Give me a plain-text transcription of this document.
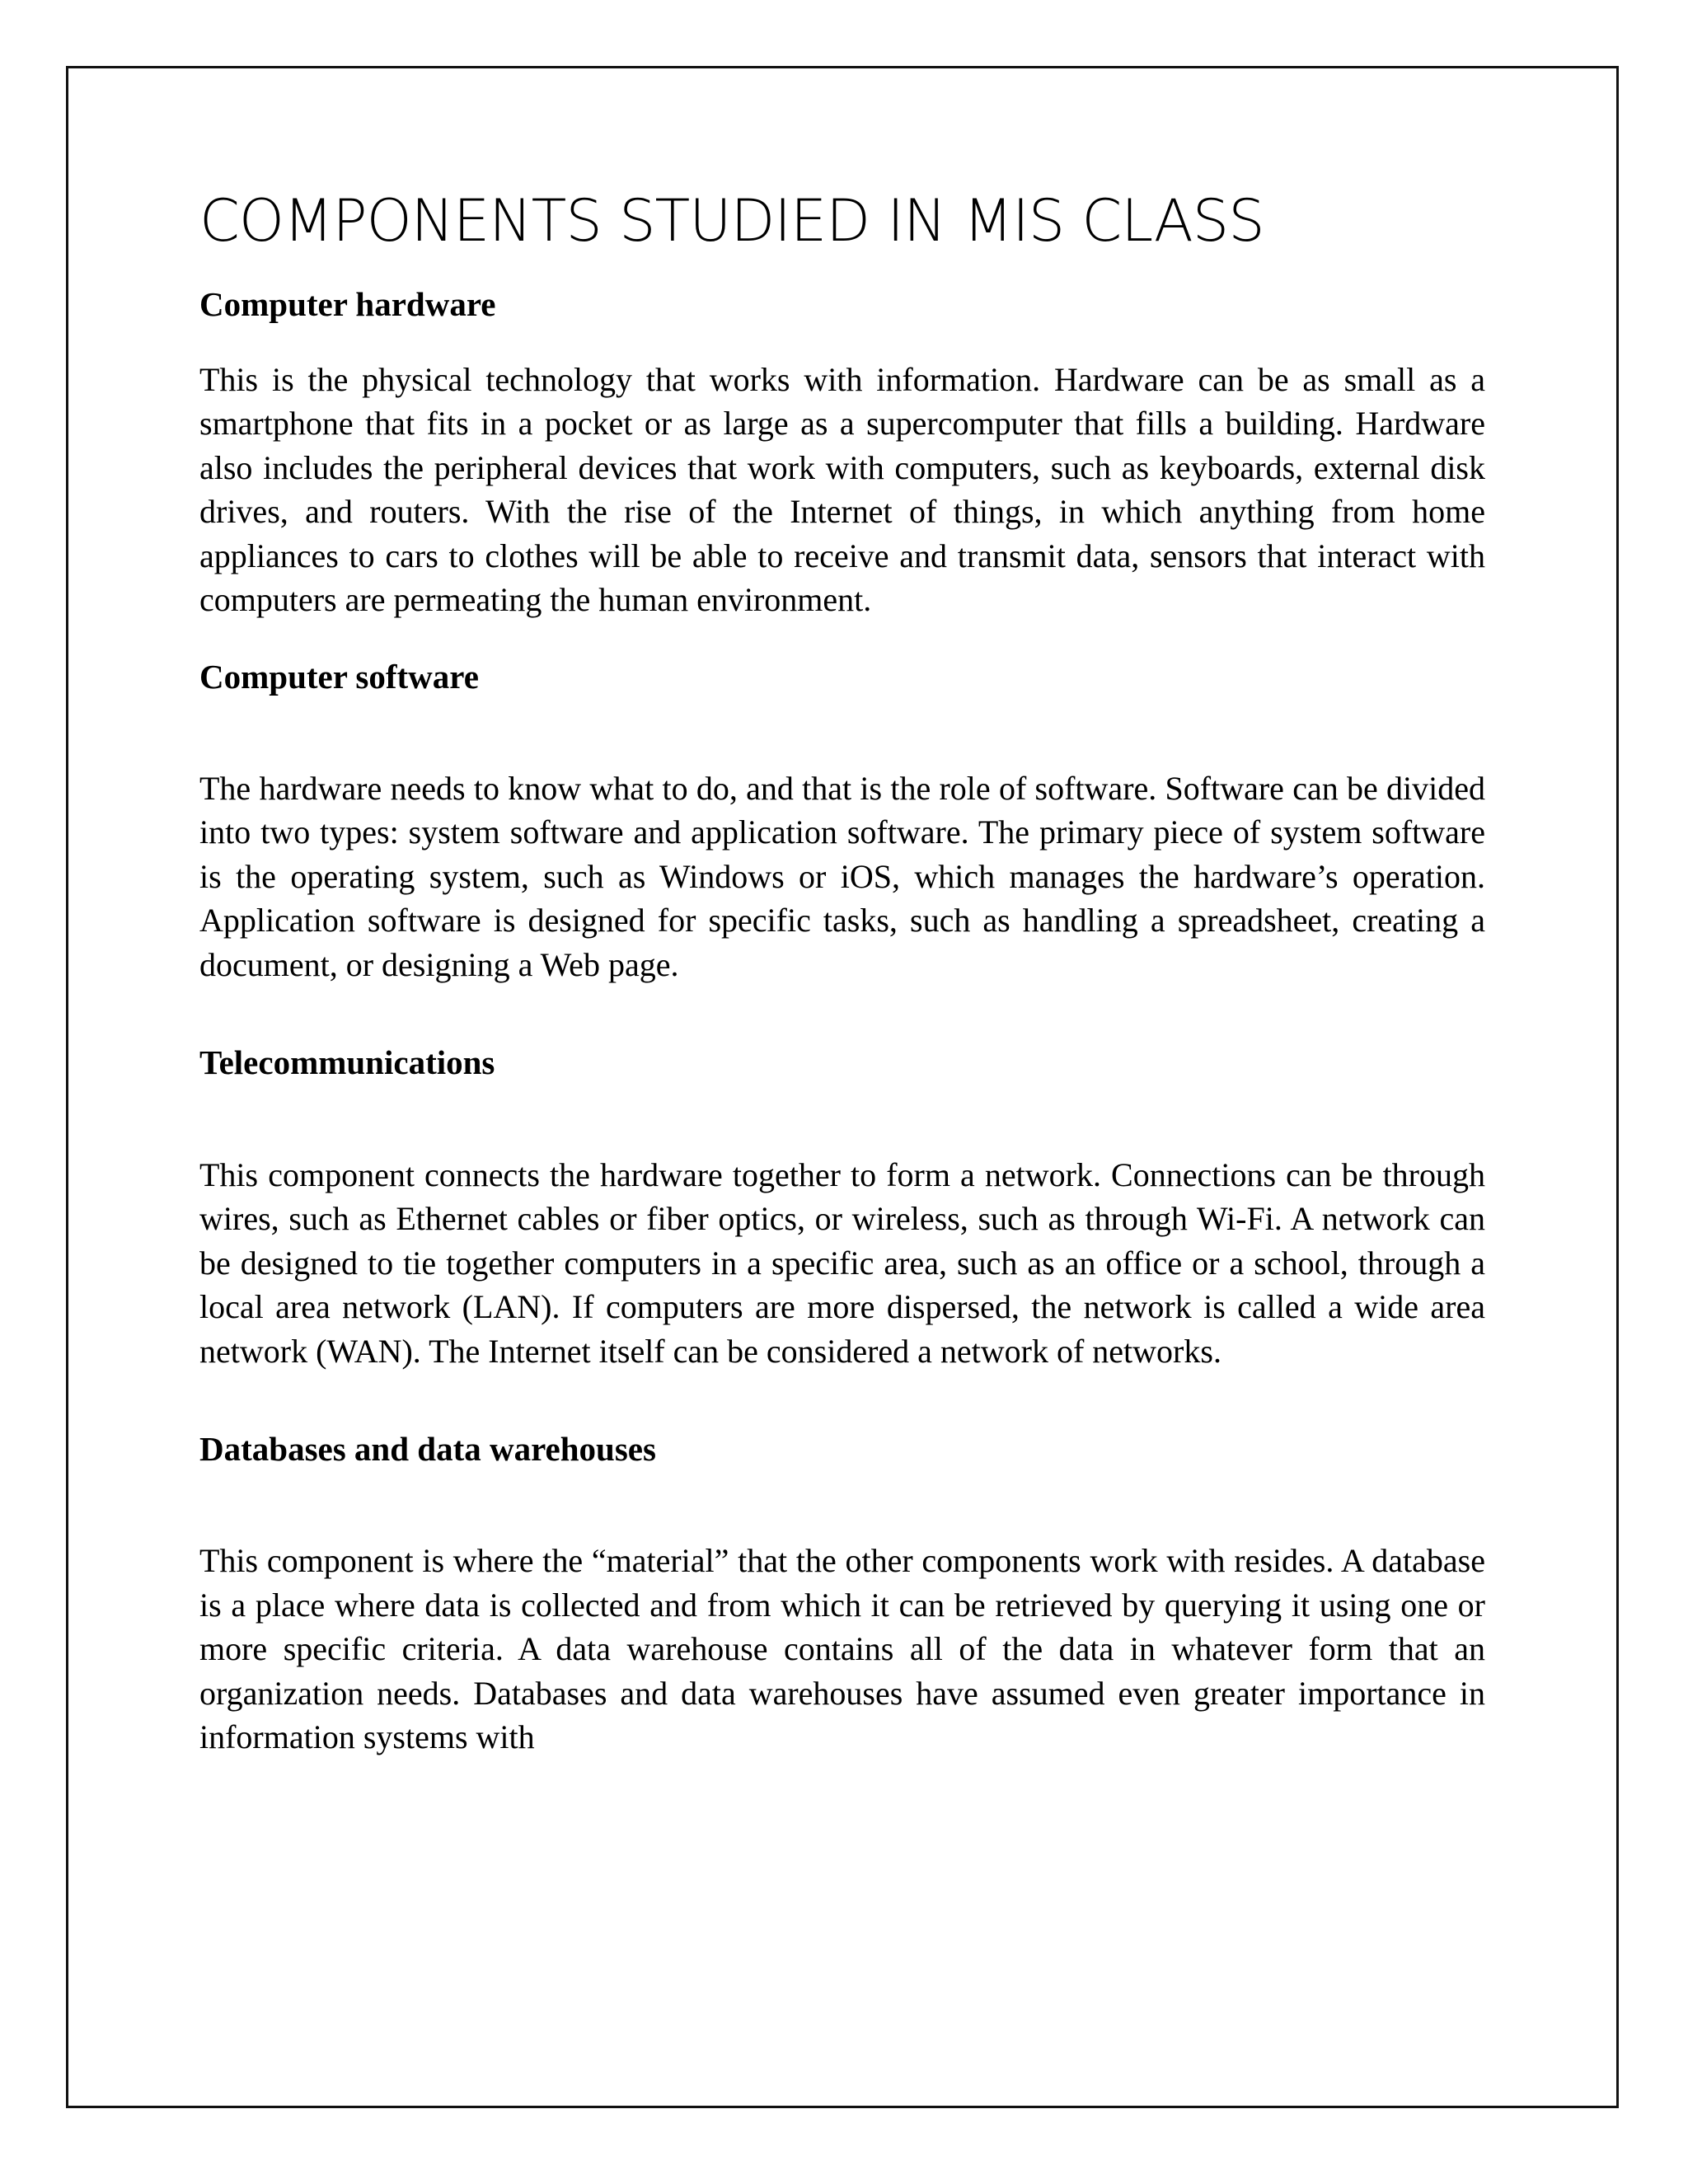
COMPONENTS STUDIED IN MIS CLASS
Computer hardware

This is the physical technology that works with information. Hardware can be as small as a smartphone that fits in a pocket or as large as a supercomputer that fills a building. Hardware also includes the peripheral devices that work with computers, such as keyboards, external disk drives, and routers. With the rise of the Internet of things, in which anything from home appliances to cars to clothes will be able to receive and transmit data, sensors that interact with computers are permeating the human environment.

Computer software

The hardware needs to know what to do, and that is the role of software. Software can be divided into two types: system software and application software. The primary piece of system software is the operating system, such as Windows or iOS, which manages the hardware’s operation. Application software is designed for specific tasks, such as handling a spreadsheet, creating a document, or designing a Web page.

Telecommunications

This component connects the hardware together to form a network. Connections can be through wires, such as Ethernet cables or fiber optics, or wireless, such as through Wi-Fi. A network can be designed to tie together computers in a specific area, such as an office or a school, through a local area network (LAN). If computers are more dispersed, the network is called a wide area network (WAN). The Internet itself can be considered a network of networks.

Databases and data warehouses

This component is where the “material” that the other components work with resides. A database is a place where data is collected and from which it can be retrieved by querying it using one or more specific criteria. A data warehouse contains all of the data in whatever form that an organization needs. Databases and data warehouses have assumed even greater importance in information systems with
